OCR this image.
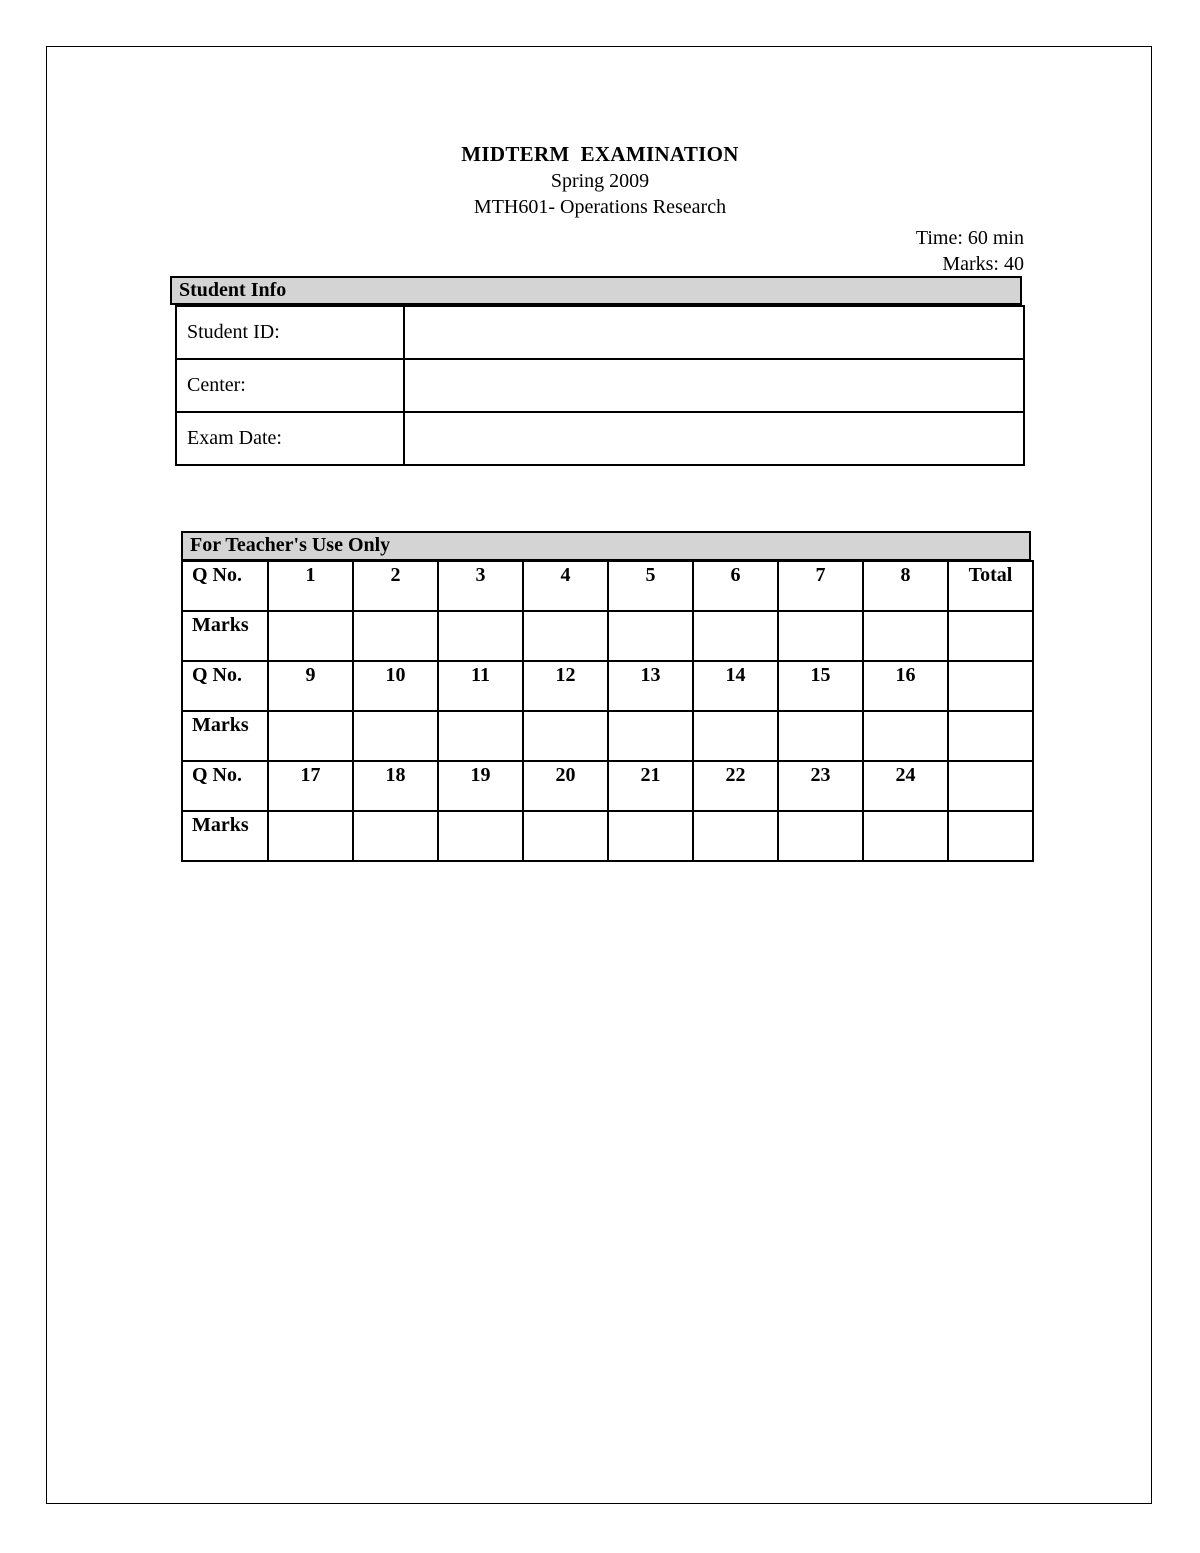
MIDTERM  EXAMINATION
Spring 2009
MTH601- Operations Research
Time: 60 min
Marks: 40
Student Info
Student ID:	
Center:	
Exam Date:	
For Teacher's Use Only
Q No.	1	2	3	4	5	6	7	8	Total
Marks									
Q No.	9	10	11	12	13	14	15	16	
Marks									
Q No.	17	18	19	20	21	22	23	24	
Marks									
